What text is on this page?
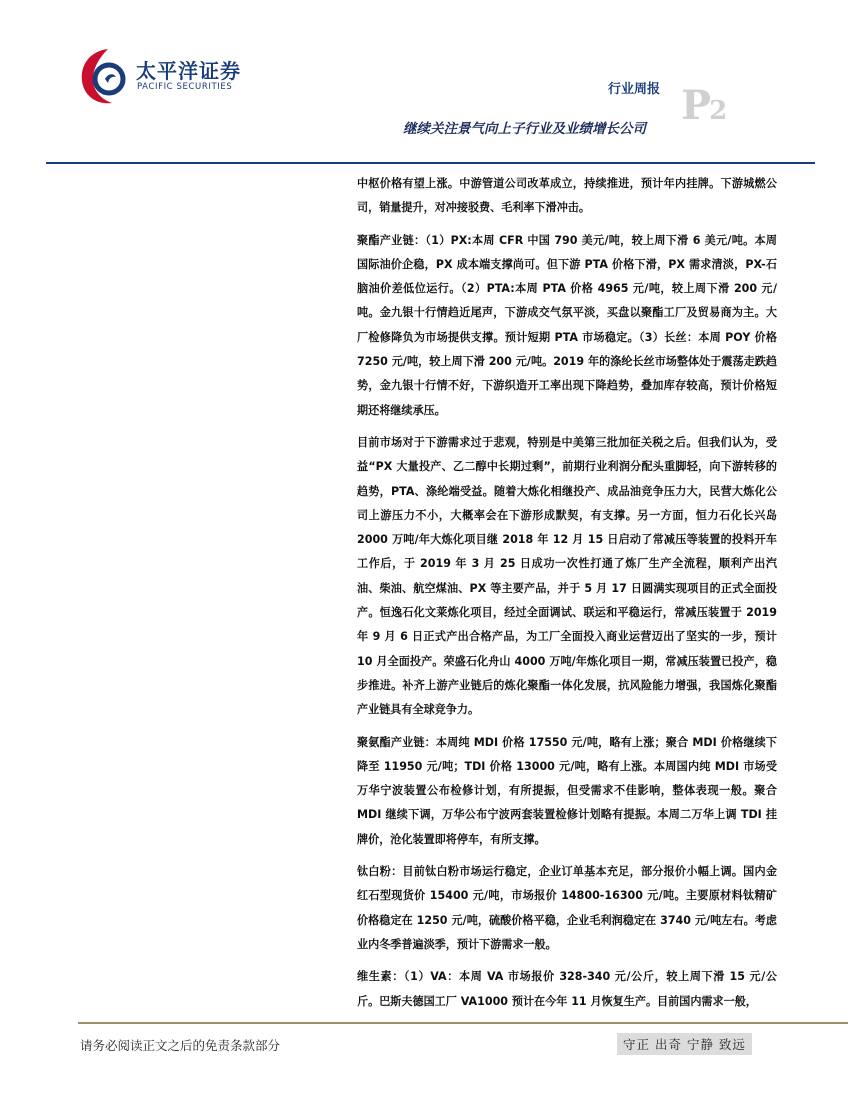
太平洋证券
PACIFIC SECURITIES	行业周报 P2
继续关注景气向上子行业及业绩增长公司

中枢价格有望上涨。中游管道公司改革成立，持续推进，预计年内挂牌。下游城燃公司，销量提升，对冲接驳费、毛利率下滑冲击。

聚酯产业链：（1）PX:本周 CFR 中国 790 美元/吨，较上周下滑 6 美元/吨。本周国际油价企稳，PX 成本端支撑尚可。但下游 PTA 价格下滑，PX 需求清淡，PX-石脑油价差低位运行。（2）PTA:本周 PTA 价格 4965 元/吨，较上周下滑 200 元/吨。金九银十行情趋近尾声，下游成交气氛平淡，买盘以聚酯工厂及贸易商为主。大厂检修降负为市场提供支撑。预计短期 PTA 市场稳定。（3）长丝：本周 POY 价格 7250 元/吨，较上周下滑 200 元/吨。2019 年的涤纶长丝市场整体处于震荡走跌趋势，金九银十行情不好，下游织造开工率出现下降趋势，叠加库存较高，预计价格短期还将继续承压。

目前市场对于下游需求过于悲观，特别是中美第三批加征关税之后。但我们认为，受益“PX 大量投产、乙二醇中长期过剩”，前期行业利润分配头重脚轻，向下游转移的趋势，PTA、涤纶端受益。随着大炼化相继投产、成品油竞争压力大，民营大炼化公司上游压力不小，大概率会在下游形成默契，有支撑。另一方面，恒力石化长兴岛 2000 万吨/年大炼化项目继 2018 年 12 月 15 日启动了常减压等装置的投料开车工作后，于 2019 年 3 月 25 日成功一次性打通了炼厂生产全流程，顺利产出汽油、柴油、航空煤油、PX 等主要产品，并于 5 月 17 日圆满实现项目的正式全面投产。恒逸石化文莱炼化项目，经过全面调试、联运和平稳运行，常减压装置于 2019 年 9 月 6 日正式产出合格产品，为工厂全面投入商业运营迈出了坚实的一步，预计 10 月全面投产。荣盛石化舟山 4000 万吨/年炼化项目一期，常减压装置已投产，稳步推进。补齐上游产业链后的炼化聚酯一体化发展，抗风险能力增强，我国炼化聚酯产业链具有全球竞争力。

聚氨酯产业链：本周纯 MDI 价格 17550 元/吨，略有上涨；聚合 MDI 价格继续下降至 11950 元/吨；TDI 价格 13000 元/吨，略有上涨。本周国内纯 MDI 市场受万华宁波装置公布检修计划，有所提振，但受需求不佳影响，整体表现一般。聚合 MDI 继续下调，万华公布宁波两套装置检修计划略有提振。本周二万华上调 TDI 挂牌价，沧化装置即将停车，有所支撑。

钛白粉：目前钛白粉市场运行稳定，企业订单基本充足，部分报价小幅上调。国内金红石型现货价 15400 元/吨，市场报价 14800-16300 元/吨。主要原材料钛精矿价格稳定在 1250 元/吨，硫酸价格平稳，企业毛利润稳定在 3740 元/吨左右。考虑业内冬季普遍淡季，预计下游需求一般。

维生素：（1）VA：本周 VA 市场报价 328-340 元/公斤，较上周下滑 15 元/公斤。巴斯夫德国工厂 VA1000 预计在今年 11 月恢复生产。目前国内需求一般，

请务必阅读正文之后的免责条款部分	守正 出奇 宁静 致远
